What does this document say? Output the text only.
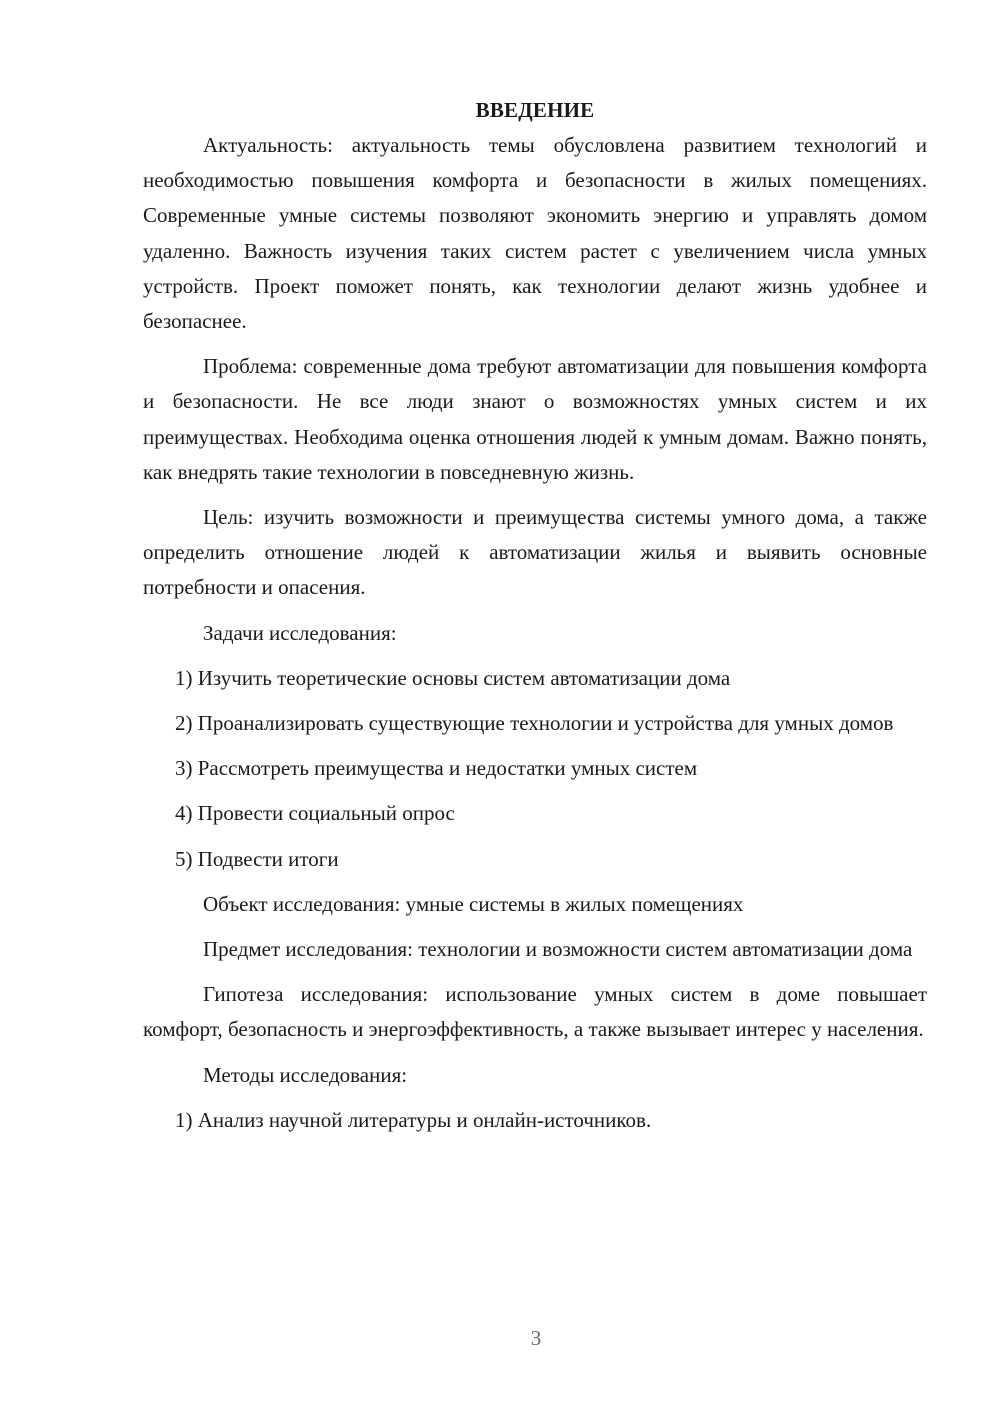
ВВЕДЕНИЕ

Актуальность: актуальность темы обусловлена развитием технологий и необходимостью повышения комфорта и безопасности в жилых помещениях. Современные умные системы позволяют экономить энергию и управлять домом удаленно. Важность изучения таких систем растет с увеличением числа умных устройств. Проект поможет понять, как технологии делают жизнь удобнее и безопаснее.

Проблема: современные дома требуют автоматизации для повышения комфорта и безопасности. Не все люди знают о возможностях умных систем и их преимуществах. Необходима оценка отношения людей к умным домам. Важно понять, как внедрять такие технологии в повседневную жизнь.

Цель: изучить возможности и преимущества системы умного дома, а также определить отношение людей к автоматизации жилья и выявить основные потребности и опасения.

Задачи исследования:

1) Изучить теоретические основы систем автоматизации дома

2) Проанализировать существующие технологии и устройства для умных домов

3) Рассмотреть преимущества и недостатки умных систем

4) Провести социальный опрос

5) Подвести итоги

Объект исследования: умные системы в жилых помещениях

Предмет исследования: технологии и возможности систем автоматизации дома

Гипотеза исследования: использование умных систем в доме повышает комфорт, безопасность и энергоэффективность, а также вызывает интерес у населения.

Методы исследования:

1) Анализ научной литературы и онлайн-источников.

3
